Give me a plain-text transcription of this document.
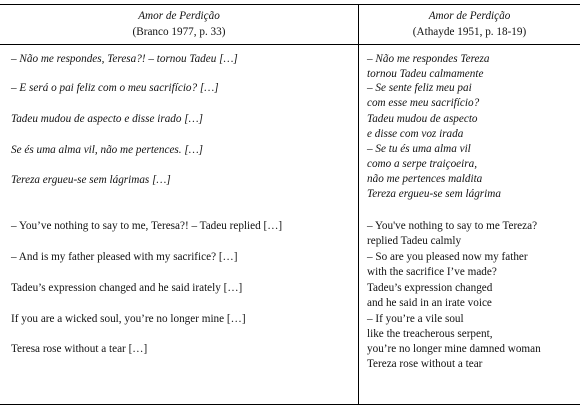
Amor de Perdição
(Branco 1977, p. 33)
Amor de Perdição
(Athayde 1951, p. 18-19)
– Não me respondes, Teresa?! – tornou Tadeu […]
– E será o pai feliz com o meu sacrifício? […]
Tadeu mudou de aspecto e disse irado […]
Se és uma alma vil, não me pertences. […]
Tereza ergueu-se sem lágrimas […]
– Não me respondes Tereza
tornou Tadeu calmamente
– Se sente feliz meu pai
com esse meu sacrifício?
Tadeu mudou de aspecto
e disse com voz irada
– Se tu és uma alma vil
como a serpe traiçoeira,
não me pertences maldita
Tereza ergueu-se sem lágrima
– You’ve nothing to say to me, Teresa?! – Tadeu replied […]
– And is my father pleased with my sacrifice? […]
Tadeu’s expression changed and he said irately […]
If you are a wicked soul, you’re no longer mine […]
Teresa rose without a tear […]
– You've nothing to say to me Tereza?
replied Tadeu calmly
– So are you pleased now my father
with the sacrifice I’ve made?
Tadeu’s expression changed
and he said in an irate voice
– If you’re a vile soul
like the treacherous serpent,
you’re no longer mine damned woman
Tereza rose without a tear
